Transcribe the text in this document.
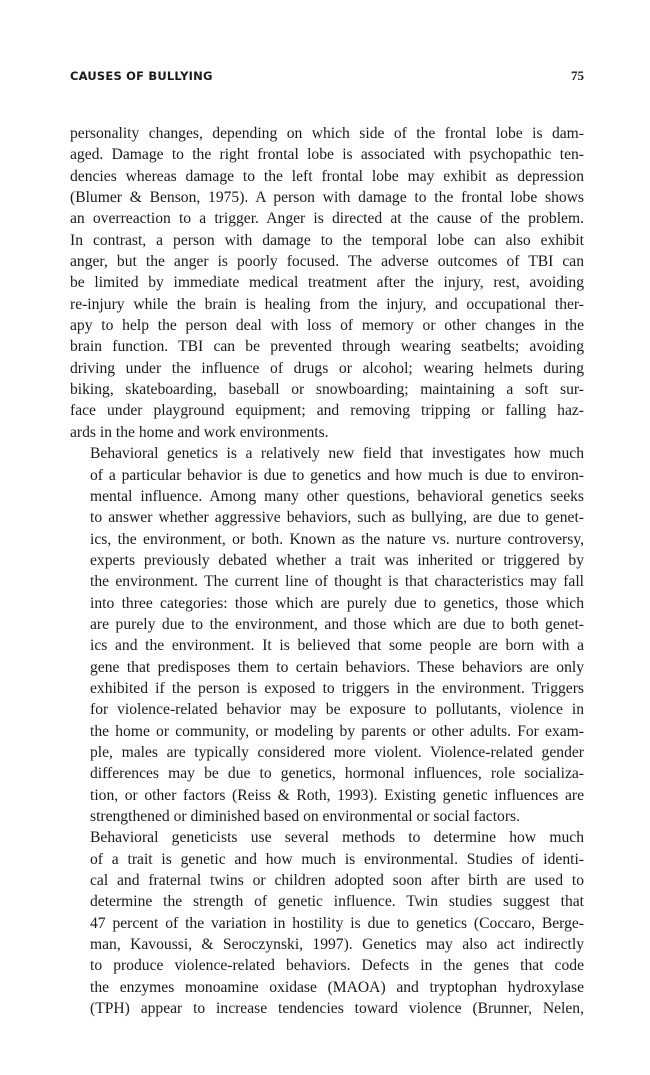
CAUSES OF BULLYING	75
personality changes, depending on which side of the frontal lobe is dam-
aged. Damage to the right frontal lobe is associated with psychopathic ten-
dencies whereas damage to the left frontal lobe may exhibit as depression
(Blumer & Benson, 1975). A person with damage to the frontal lobe shows
an overreaction to a trigger. Anger is directed at the cause of the problem.
In contrast, a person with damage to the temporal lobe can also exhibit
anger, but the anger is poorly focused. The adverse outcomes of TBI can
be limited by immediate medical treatment after the injury, rest, avoiding
re-injury while the brain is healing from the injury, and occupational ther-
apy to help the person deal with loss of memory or other changes in the
brain function. TBI can be prevented through wearing seatbelts; avoiding
driving under the influence of drugs or alcohol; wearing helmets during
biking, skateboarding, baseball or snowboarding; maintaining a soft sur-
face under playground equipment; and removing tripping or falling haz-
ards in the home and work environments.
Behavioral genetics is a relatively new field that investigates how much
of a particular behavior is due to genetics and how much is due to environ-
mental influence. Among many other questions, behavioral genetics seeks
to answer whether aggressive behaviors, such as bullying, are due to genet-
ics, the environment, or both. Known as the nature vs. nurture controversy,
experts previously debated whether a trait was inherited or triggered by
the environment. The current line of thought is that characteristics may fall
into three categories: those which are purely due to genetics, those which
are purely due to the environment, and those which are due to both genet-
ics and the environment. It is believed that some people are born with a
gene that predisposes them to certain behaviors. These behaviors are only
exhibited if the person is exposed to triggers in the environment. Triggers
for violence-related behavior may be exposure to pollutants, violence in
the home or community, or modeling by parents or other adults. For exam-
ple, males are typically considered more violent. Violence-related gender
differences may be due to genetics, hormonal influences, role socializa-
tion, or other factors (Reiss & Roth, 1993). Existing genetic influences are
strengthened or diminished based on environmental or social factors.
Behavioral geneticists use several methods to determine how much
of a trait is genetic and how much is environmental. Studies of identi-
cal and fraternal twins or children adopted soon after birth are used to
determine the strength of genetic influence. Twin studies suggest that
47 percent of the variation in hostility is due to genetics (Coccaro, Berge-
man, Kavoussi, & Seroczynski, 1997). Genetics may also act indirectly
to produce violence-related behaviors. Defects in the genes that code
the enzymes monoamine oxidase (MAOA) and tryptophan hydroxylase
(TPH) appear to increase tendencies toward violence (Brunner, Nelen,
